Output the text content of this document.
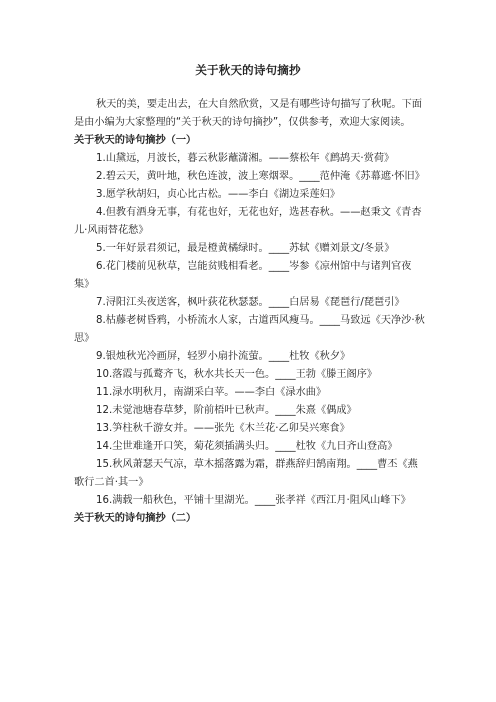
关于秋天的诗句摘抄

秋天的美，要走出去，在大自然欣赏，又是有哪些诗句描写了秋呢。下面是由小编为大家整理的“关于秋天的诗句摘抄”，仅供参考，欢迎大家阅读。

关于秋天的诗句摘抄（一）

1.山黛远，月波长，暮云秋影蘸潇湘。——蔡松年《鹧鸪天·赏荷》

2.碧云天，黄叶地，秋色连波，波上寒烟翠。____范仲淹《苏幕遮·怀旧》

3.愿学秋胡妇，贞心比古松。——李白《湖边采莲妇》

4.但教有酒身无事，有花也好，无花也好，选甚春秋。——赵秉文《青杏儿·风雨替花愁》

5.一年好景君须记，最是橙黄橘绿时。____苏轼《赠刘景文/冬景》

6.花门楼前见秋草，岂能贫贱相看老。____岑参《凉州馆中与诸判官夜集》

7.浔阳江头夜送客，枫叶荻花秋瑟瑟。____白居易《琵琶行/琵琶引》

8.枯藤老树昏鸦，小桥流水人家，古道西风瘦马。____马致远《天净沙·秋思》

9.银烛秋光冷画屏，轻罗小扇扑流萤。____杜牧《秋夕》

10.落霞与孤鹜齐飞，秋水共长天一色。____王勃《滕王阁序》

11.渌水明秋月，南湖采白苹。——李白《渌水曲》

12.未觉池塘春草梦，阶前梧叶已秋声。____朱熹《偶成》

13.笋柱秋千游女并。——张先《木兰花·乙卯吴兴寒食》

14.尘世难逢开口笑，菊花须插满头归。____杜牧《九日齐山登高》

15.秋风萧瑟天气凉，草木摇落露为霜，群燕辞归鹄南翔。____曹丕《燕歌行二首·其一》

16.满载一船秋色，平铺十里湖光。____张孝祥《西江月·阻风山峰下》

关于秋天的诗句摘抄（二）
